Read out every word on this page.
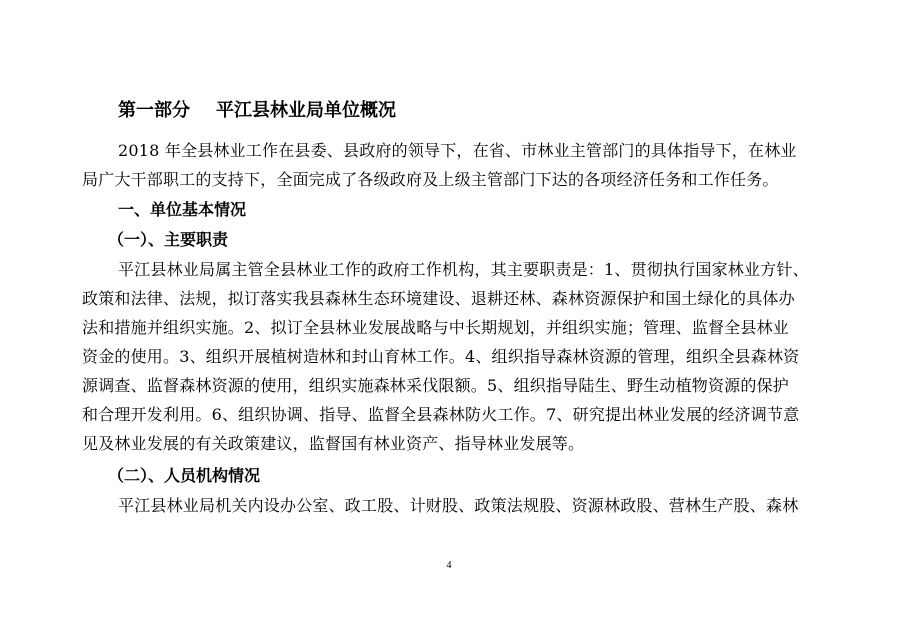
第一部分 平江县林业局单位概况
2018 年全县林业工作在县委、县政府的领导下，在省、市林业主管部门的具体指导下，在林业
局广大干部职工的支持下，全面完成了各级政府及上级主管部门下达的各项经济任务和工作任务。
一、单位基本情况
（一）、主要职责
平江县林业局属主管全县林业工作的政府工作机构，其主要职责是：1、贯彻执行国家林业方针、
政策和法律、法规，拟订落实我县森林生态环境建设、退耕还林、森林资源保护和国土绿化的具体办
法和措施并组织实施。2、拟订全县林业发展战略与中长期规划，并组织实施；管理、监督全县林业
资金的使用。3、组织开展植树造林和封山育林工作。4、组织指导森林资源的管理，组织全县森林资
源调查、监督森林资源的使用，组织实施森林采伐限额。5、组织指导陆生、野生动植物资源的保护
和合理开发利用。6、组织协调、指导、监督全县森林防火工作。7、研究提出林业发展的经济调节意
见及林业发展的有关政策建议，监督国有林业资产、指导林业发展等。
（二）、人员机构情况
平江县林业局机关内设办公室、政工股、计财股、政策法规股、资源林政股、营林生产股、森林
4
